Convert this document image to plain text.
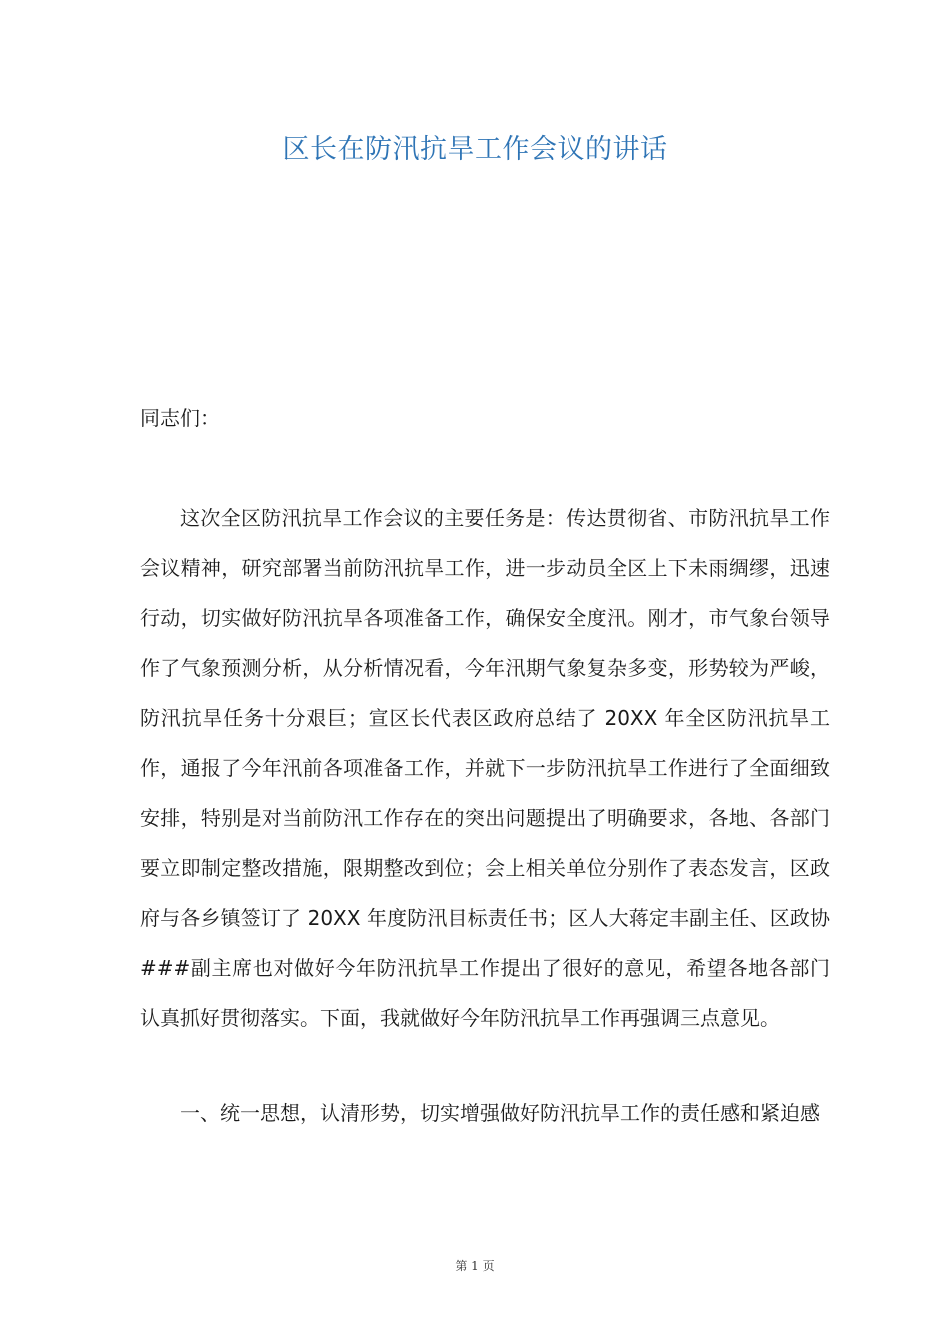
区长在防汛抗旱工作会议的讲话
同志们：

这次全区防汛抗旱工作会议的主要任务是：传达贯彻省、市防汛抗旱工作会议精神，研究部署当前防汛抗旱工作，进一步动员全区上下未雨绸缪，迅速行动，切实做好防汛抗旱各项准备工作，确保安全度汛。刚才，市气象台领导作了气象预测分析，从分析情况看，今年汛期气象复杂多变，形势较为严峻，防汛抗旱任务十分艰巨；宣区长代表区政府总结了 20XX 年全区防汛抗旱工作，通报了今年汛前各项准备工作，并就下一步防汛抗旱工作进行了全面细致安排，特别是对当前防汛工作存在的突出问题提出了明确要求，各地、各部门要立即制定整改措施，限期整改到位；会上相关单位分别作了表态发言，区政府与各乡镇签订了 20XX 年度防汛目标责任书；区人大蒋定丰副主任、区政协###副主席也对做好今年防汛抗旱工作提出了很好的意见，希望各地各部门认真抓好贯彻落实。下面，我就做好今年防汛抗旱工作再强调三点意见。

一、统一思想，认清形势，切实增强做好防汛抗旱工作的责任感和紧迫感

第 1 页
